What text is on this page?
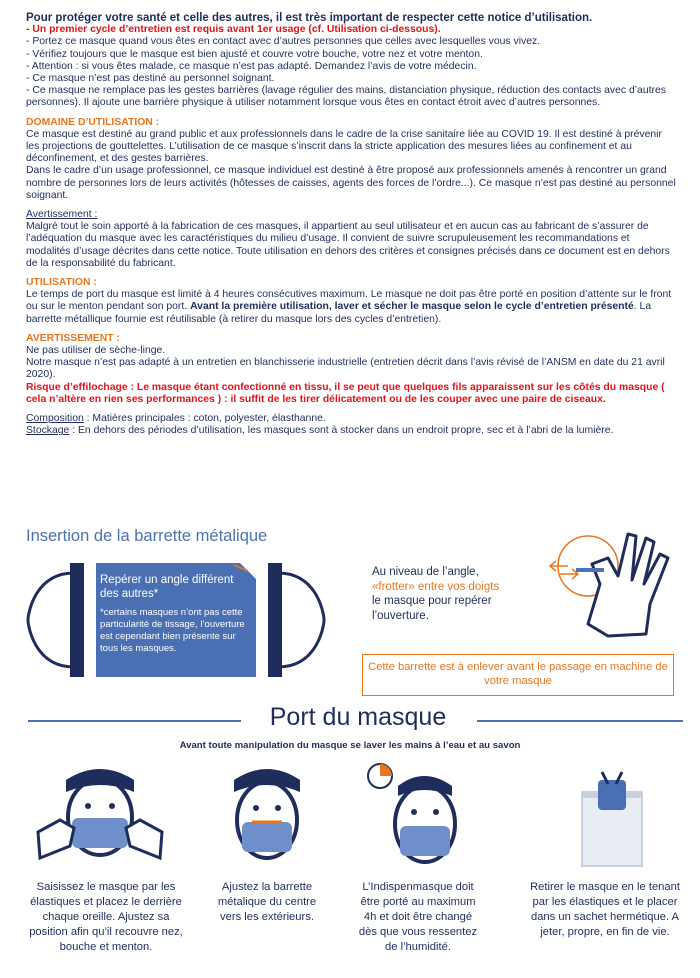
Pour protéger votre santé et celle des autres, il est très important de respecter cette notice d’utilisation.

- Un premier cycle d’entretien est requis avant 1er usage (cf. Utilisation ci-dessous).

- Portez ce masque quand vous êtes en contact avec d’autres personnes que celles avec lesquelles vous vivez.

- Vérifiez toujours que le masque est bien ajusté et couvre votre bouche, votre nez et votre menton.

- Attention : si vous êtes malade, ce masque n’est pas adapté. Demandez l’avis de votre médecin.

- Ce masque n’est pas destiné au personnel soignant.

- Ce masque ne remplace pas les gestes barrières (lavage régulier des mains, distanciation physique, réduction des contacts avec d’autres personnes). Il ajoute une barrière physique à utiliser notamment lorsque vous êtes en contact étroit avec d’autres personnes.

DOMAINE D’UTILISATION :

Ce masque est destiné au grand public et aux professionnels dans le cadre de la crise sanitaire liée au COVID 19. Il est destiné à prévenir les projections de gouttelettes. L’utilisation de ce masque s’inscrit dans la stricte application des mesures liées au confinement et au déconfinement, et des gestes barrières.

Dans le cadre d’un usage professionnel, ce masque individuel est destiné à être proposé aux professionnels amenés à rencontrer un grand nombre de personnes lors de leurs activités (hôtesses de caisses, agents des forces de l’ordre...). Ce masque n’est pas destiné au personnel soignant.

Avertissement :

Malgré tout le soin apporté à la fabrication de ces masques, il appartient au seul utilisateur et en aucun cas au fabricant de s’assurer de l’adéquation du masque avec les caractéristiques du milieu d’usage. Il convient de suivre scrupuleusement les recommandations et modalités d’usage décrites dans cette notice. Toute utilisation en dehors des critères et consignes précisés dans ce document est en dehors de la responsabilité du fabricant.

UTILISATION :

Le temps de port du masque est limité à 4 heures consécutives maximum. Le masque ne doit pas être porté en position d’attente sur le front ou sur le menton pendant son port. Avant la première utilisation, laver et sécher le masque selon le cycle d’entretien présenté. La barrette métallique fournie est réutilisable (à retirer du masque lors des cycles d’entretien).

AVERTISSEMENT :

Ne pas utiliser de sèche-linge.

Notre masque n’est pas adapté à un entretien en blanchisserie industrielle (entretien décrit dans l’avis révisé de l’ANSM en date du 21 avril 2020).

Risque d’effilochage : Le masque étant confectionné en tissu, il se peut que quelques fils apparaissent sur les côtés du masque ( cela n’altère en rien ses performances ) : il suffit de les tirer délicatement ou de les couper avec une paire de ciseaux.

Composition : Matières principales : coton, polyester, élasthanne.

Stockage : En dehors des périodes d’utilisation, les masques sont à stocker dans un endroit propre, sec et à l’abri de la lumière.

Insertion de la barrette métalique
Repérer un angle différent des autres*
*certains masques n’ont pas cette particularité de tissage, l’ouverture est cependant bien présente sur tous les masques.
Au niveau de l’angle,
«frotter» entre vos doigts
le masque pour repérer l’ouverture.
Cette barrette est à enlever avant le passage en machine de votre masque
Port du masque
Avant toute manipulation du masque se laver les mains à l’eau et au savon
Saisissez le masque par les élastiques et placez le derrière chaque oreille. Ajustez sa position afin qu’il recouvre nez, bouche et menton.
Ajustez la barrette métalique du centre vers les extérieurs.
L’Indispenmasque doit être porté au maximum 4h et doit être changé dès que vous ressentez de l’humidité.
Retirer le masque en le tenant par les élastiques et le placer dans un sachet hermétique. A jeter, propre, en fin de vie.
